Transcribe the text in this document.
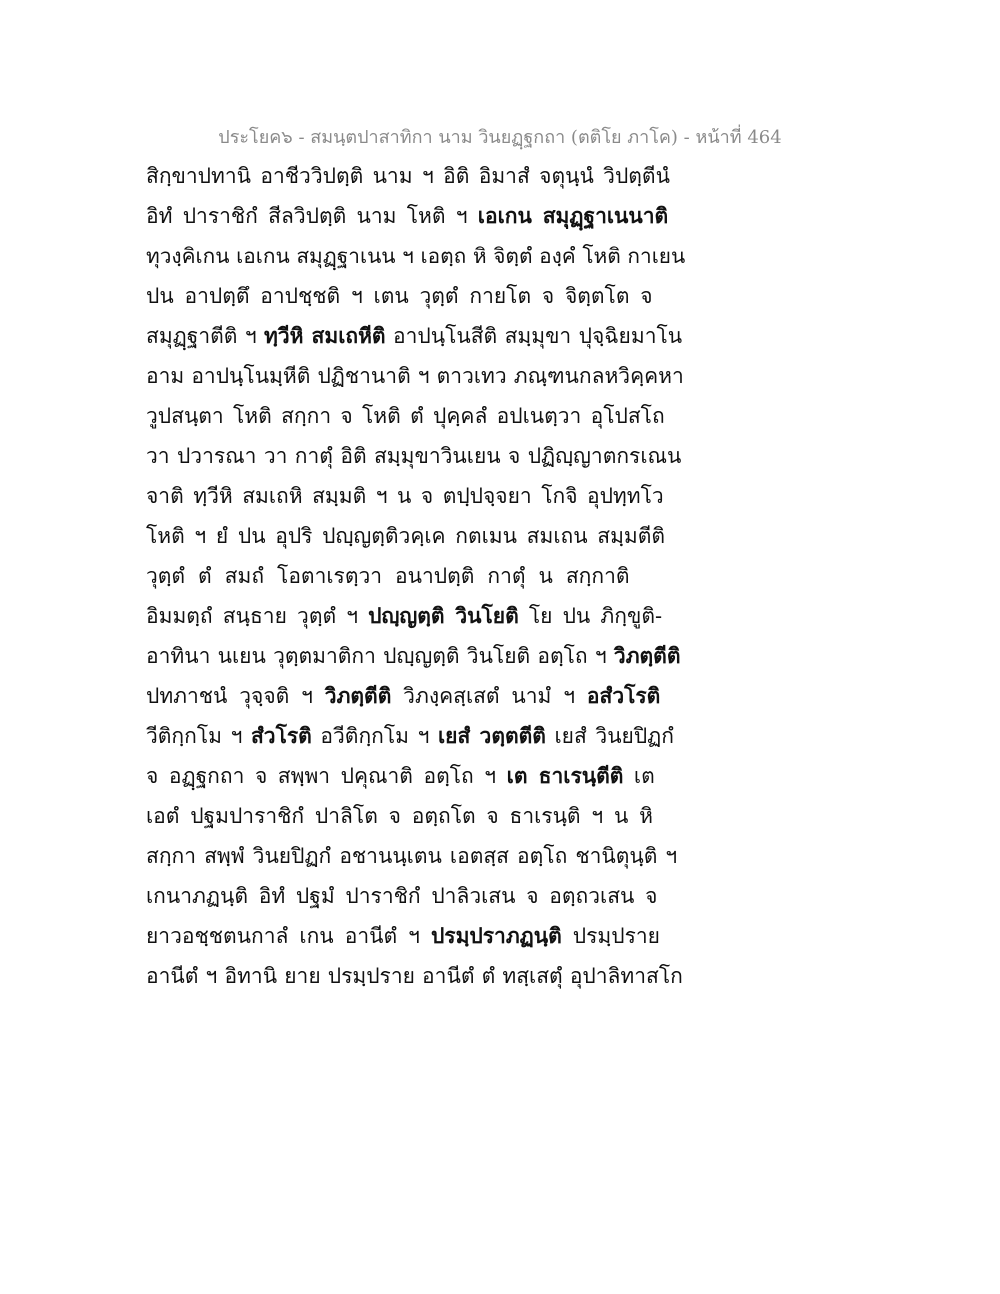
ประโยค๖ - สมนฺตปาสาทิกา นาม วินยฏฺฐกถา (ตติโย ภาโค) - หน้าที่ 464
สิกฺขาปทานิ อาชีววิปตฺติ นาม ฯ อิติ อิมาสํ จตุนฺนํ วิปตฺตีนํ
อิทํ ปาราชิกํ สีลวิปตฺติ นาม โหติ ฯ เอเกน สมุฏฺฐาเนนาติ
ทุวงฺคิเกน เอเกน สมุฏฺฐาเนน ฯ เอตฺถ หิ จิตฺตํ องฺคํ โหติ กาเยน
ปน อาปตฺตึ อาปชฺชติ ฯ เตน วุตฺตํ กายโต จ จิตฺตโต จ
สมุฏฺฐาตีติ ฯ ทฺวีหิ สมเถหีติ อาปนฺโนสีติ สมฺมุขา ปุจฺฉิยมาโน
อาม อาปนฺโนมฺหีติ ปฏิชานาติ ฯ ตาวเทว ภณฺฑนกลหวิคฺคหา
วูปสนฺตา โหติ สกฺกา จ โหติ ตํ ปุคฺคลํ อปเนตฺวา อุโปสโถ
วา ปวารณา วา กาตุํ อิติ สมฺมุขาวินเยน จ ปฏิญฺญาตกรเณน
จาติ ทฺวีหิ สมเถหิ สมฺมติ ฯ น จ ตปฺปจฺจยา โกจิ อุปทฺทโว
โหติ ฯ ยํ ปน อุปริ ปญฺญตฺติวคฺเค กตเมน สมเถน สมฺมตีติ
วุตฺตํ ตํ สมถํ โอตาเรตฺวา อนาปตฺติ กาตุํ น สกฺกาติ
อิมมตฺถํ สนฺธาย วุตฺตํ ฯ ปญฺญตฺติ วินโยติ โย ปน ภิกฺขูติ-
อาทินา นเยน วุตฺตมาติกา ปญฺญตฺติ วินโยติ อตฺโถ ฯ วิภตฺตีติ
ปทภาชนํ วุจฺจติ ฯ วิภตฺตีติ วิภงฺคสฺเสตํ นามํ ฯ อสํวโรติ
วีติกฺกโม ฯ สํวโรติ อวีติกฺกโม ฯ เยสํ วตฺตตีติ เยสํ วินยปิฏกํ
จ อฏฺฐกถา จ สพฺพา ปคุณาติ อตฺโถ ฯ เต ธาเรนฺตีติ เต
เอตํ ปฐมปาราชิกํ ปาลิโต จ อตฺถโต จ ธาเรนฺติ ฯ น หิ
สกฺกา สพฺพํ วินยปิฏกํ อชานนฺเตน เอตสฺส อตฺโถ ชานิตุนฺติ ฯ
เกนาภฏนฺติ อิทํ ปฐมํ ปาราชิกํ ปาลิวเสน จ อตฺถวเสน จ
ยาวอชฺชตนกาลํ เกน อานีตํ ฯ ปรมฺปราภฏนฺติ ปรมฺปราย
อานีตํ ฯ อิทานิ ยาย ปรมฺปราย อานีตํ ตํ ทสฺเสตุํ อุปาลิทาสโก
